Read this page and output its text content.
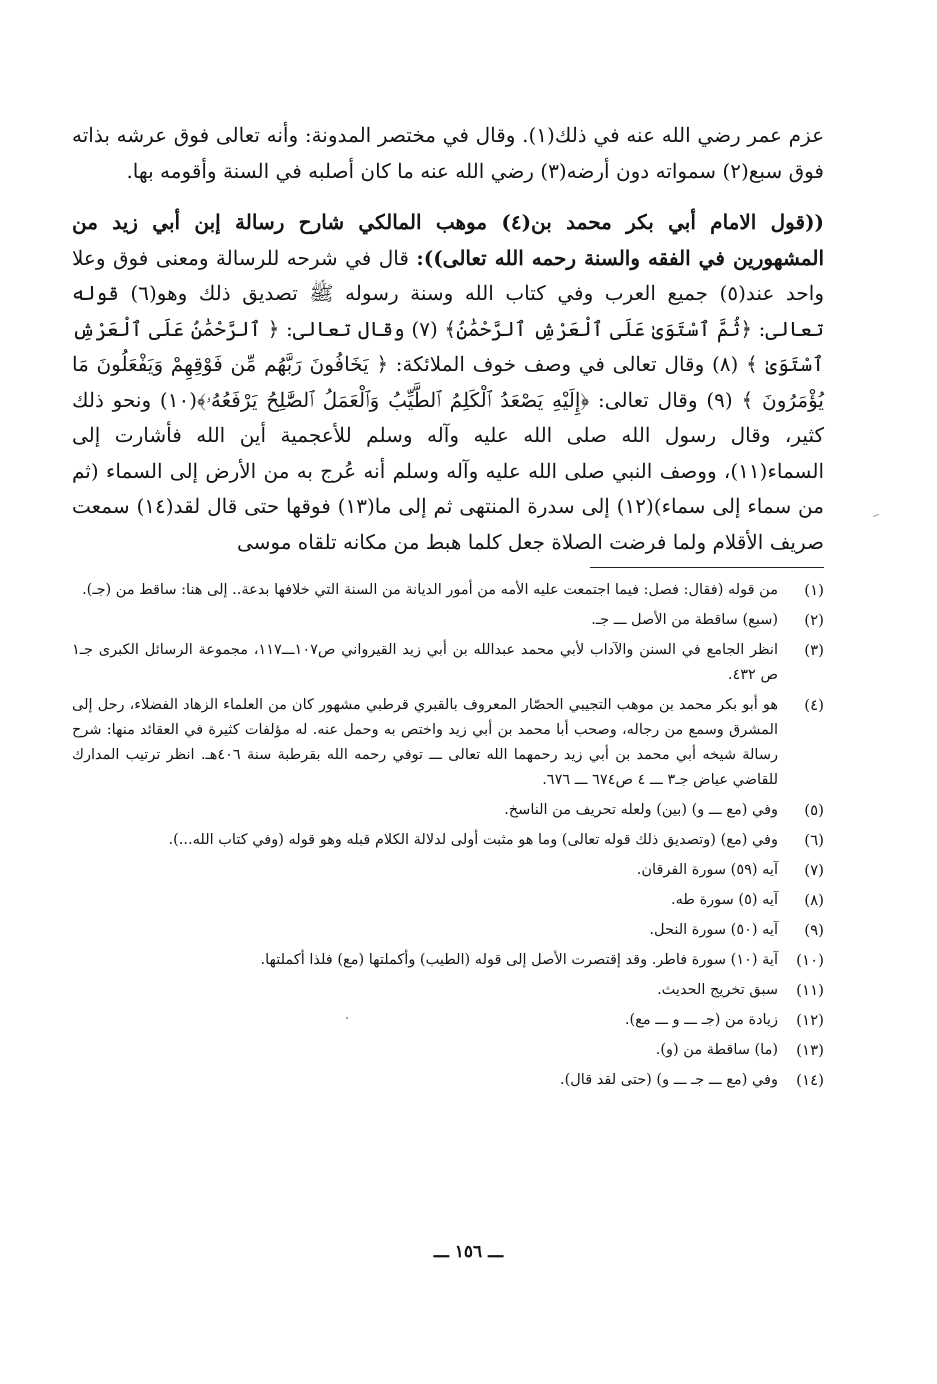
عزم عمر رضي الله عنه في ذلك(١). وقال في مختصر المدونة: وأنه تعالى فوق عرشه بذاته فوق سبع(٢) سمواته دون أرضه(٣) رضي الله عنه ما كان أصلبه في السنة وأقومه بها.

((قول الامام أبي بكر محمد بن(٤) موهب المالكي شارح رسالة إبن أبي زيد من المشهورين في الفقه والسنة رحمه الله تعالى)): قال في شرحه للرسالة ومعنى فوق وعلا واحد عند(٥) جميع العرب وفي كتاب الله وسنة رسوله ﷺ تصديق ذلك وهو(٦) قوله تعالى: ﴿ثُمَّ ٱسْتَوَىٰ عَلَى ٱلْعَرْشِ ٱلرَّحْمَٰنُ﴾ (٧) وقال تعالى: ﴿ ٱلرَّحْمَٰنُ عَلَى ٱلْعَرْشِ ٱسْتَوَىٰ ﴾ (٨) وقال تعالى في وصف خوف الملائكة: ﴿ يَخَافُونَ رَبَّهُم مِّن فَوْقِهِمْ وَيَفْعَلُونَ مَا يُؤْمَرُونَ ﴾ (٩) وقال تعالى: ﴿إِلَيْهِ يَصْعَدُ ٱلْكَلِمُ ٱلطَّيِّبُ وَٱلْعَمَلُ ٱلصَّٰلِحُ يَرْفَعُهُۥ﴾(١٠) ونحو ذلك كثير، وقال رسول الله صلى الله عليه وآله وسلم للأعجمية أين الله فأشارت إلى السماء(١١)، ووصف النبي صلى الله عليه وآله وسلم أنه عُرج به من الأرض إلى السماء (ثم من سماء إلى سماء)(١٢) إلى سدرة المنتهى ثم إلى ما(١٣) فوقها حتى قال لقد(١٤) سمعت صريف الأقلام ولما فرضت الصلاة جعل كلما هبط من مكانه تلقاه موسى

(١)
من قوله (فقال: فصل: فيما اجتمعت عليه الأمه من أمور الديانة من السنة التي خلافها بدعة.. إلى هنا: ساقط من (جـ).
(٢)
(سبع) ساقطة من الأصل ـــ جـ.
(٣)
انظر الجامع في السنن والآداب لأبي محمد عبدالله بن أبي زيد القيرواني ص١٠٧ـــ١١٧، مجموعة الرسائل الكبرى جـ١ ص ٤٣٢.
(٤)
هو أبو بكر محمد بن موهب التجيبي الحصّار المعروف بالقبري قرطبي مشهور كان من العلماء الزهاد الفضلاء، رحل إلى المشرق وسمع من رجاله، وصحب أبا محمد بن أبي زيد واختص به وحمل عنه. له مؤلفات كثيرة في العقائد منها: شرح رسالة شيخه أبي محمد بن أبي زيد رحمهما الله تعالى ـــ توفي رحمه الله بقرطبة سنة ٤٠٦هـ. انظر ترتيب المدارك للقاضي عياض جـ٣ ـــ ٤ ص٦٧٤ ـــ ٦٧٦.
(٥)
وفي (مع ـــ و) (بين) ولعله تحريف من الناسخ.
(٦)
وفي (مع) (وتصديق ذلك قوله تعالى) وما هو مثبت أولى لدلالة الكلام قبله وهو قوله (وفي كتاب الله...).
(٧)
آيه (٥٩) سورة الفرقان.
(٨)
آيه (٥) سورة طه.
(٩)
آيه (٥٠) سورة النحل.
(١٠)
آية (١٠) سورة فاطر. وقد إقتصرت الأصل إلى قوله (الطيب) وأكملتها (مع) فلذا أكملتها.
(١١)
سبق تخريج الحديث.
(١٢)
زيادة من (جـ ـــ و ـــ مع).
(١٣)
(ما) ساقطة من (و).
(١٤)
وفي (مع ـــ جـ ـــ و) (حتى لقد قال).
ـــ ١٥٦ ـــ
